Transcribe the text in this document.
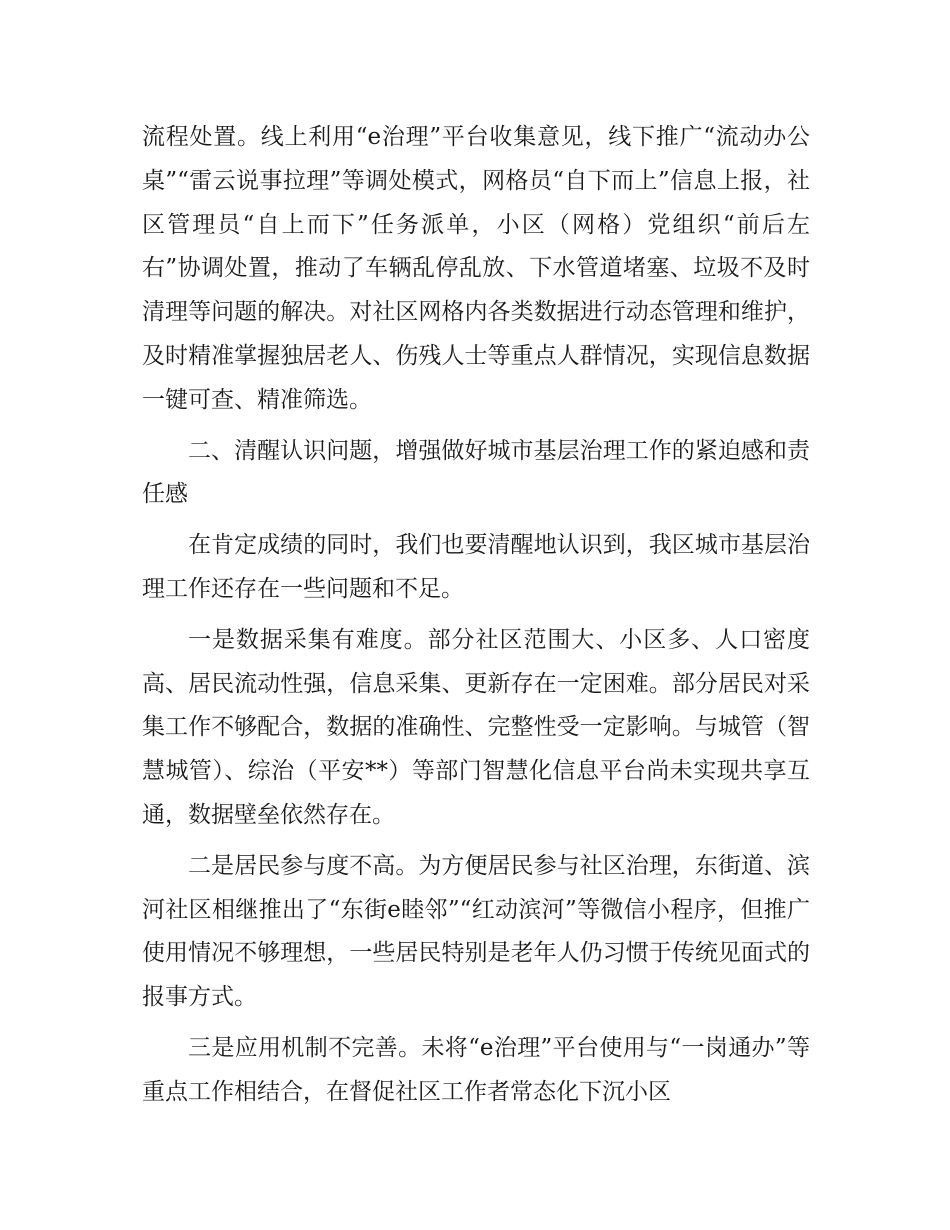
流程处置。线上利用“e治理”平台收集意见，线下推广“流动办公桌”“雷云说事拉理”等调处模式，网格员“自下而上”信息上报，社区管理员“自上而下”任务派单，小区（网格）党组织“前后左右”协调处置，推动了车辆乱停乱放、下水管道堵塞、垃圾不及时清理等问题的解决。对社区网格内各类数据进行动态管理和维护，及时精准掌握独居老人、伤残人士等重点人群情况，实现信息数据一键可查、精准筛选。

二、清醒认识问题，增强做好城市基层治理工作的紧迫感和责任感

在肯定成绩的同时，我们也要清醒地认识到，我区城市基层治理工作还存在一些问题和不足。

一是数据采集有难度。部分社区范围大、小区多、人口密度高、居民流动性强，信息采集、更新存在一定困难。部分居民对采集工作不够配合，数据的准确性、完整性受一定影响。与城管（智慧城管）、综治（平安**）等部门智慧化信息平台尚未实现共享互通，数据壁垒依然存在。

二是居民参与度不高。为方便居民参与社区治理，东街道、滨河社区相继推出了“东街e睦邻”“红动滨河”等微信小程序，但推广使用情况不够理想，一些居民特别是老年人仍习惯于传统见面式的报事方式。

三是应用机制不完善。未将“e治理”平台使用与“一岗通办”等重点工作相结合，在督促社区工作者常态化下沉小区
